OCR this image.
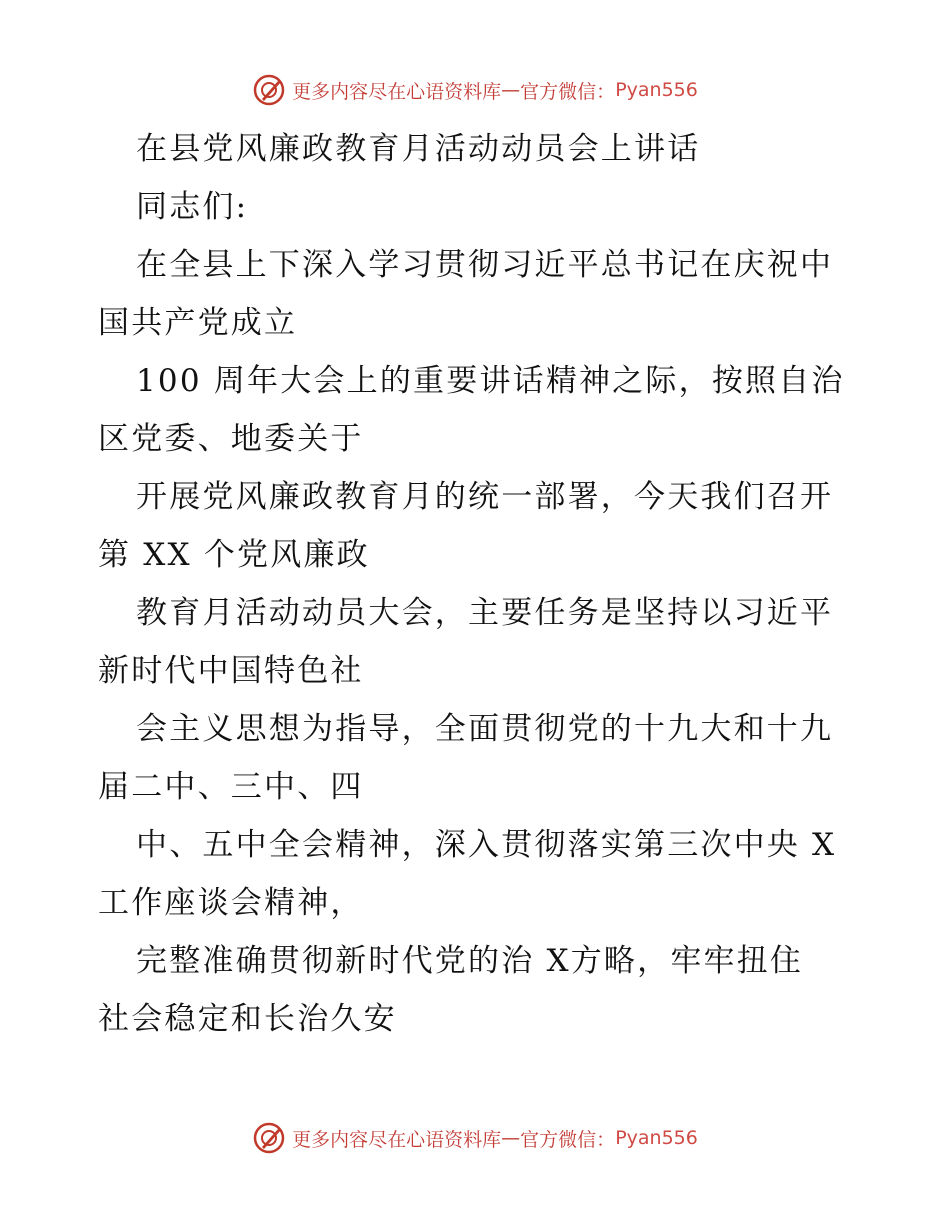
更多内容尽在心语资料库 — 官方微信： Pyan556
在县党风廉政教育月活动动员会上讲话
同志们:
在全县上下深入学习贯彻习近平总书记在庆祝中
国共产党成立
100 周年大会上的重要讲话精神之际，按照自治
区党委、地委关于
开展党风廉政教育月的统一部署，今天我们召开
第 XX 个党风廉政
教育月活动动员大会，主要任务是坚持以习近平
新时代中国特色社
会主义思想为指导，全面贯彻党的十九大和十九
届二中、三中、四
中、五中全会精神，深入贯彻落实第三次中央 X
工作座谈会精神，
完整准确贯彻新时代党的治 X方略，牢牢扭住
社会稳定和长治久安
更多内容尽在心语资料库 — 官方微信： Pyan556
